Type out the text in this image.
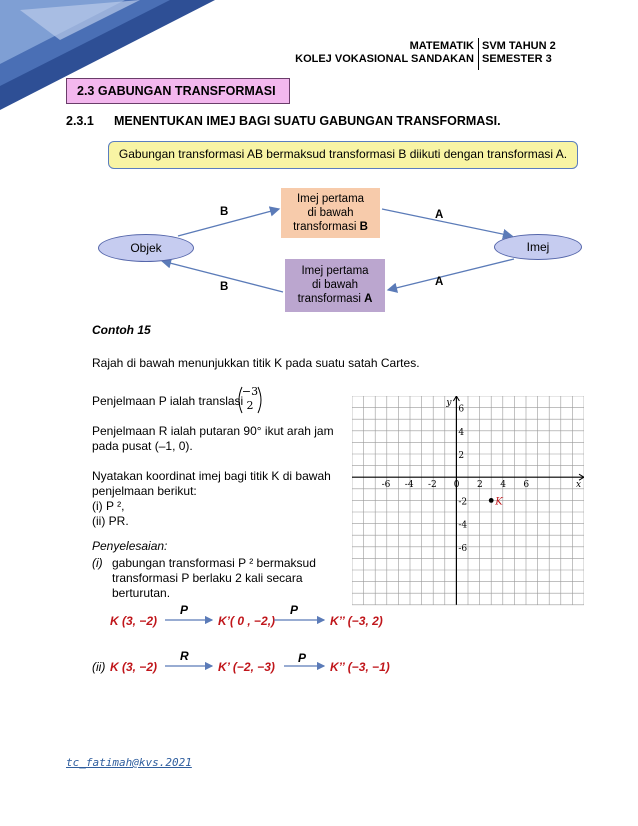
MATEMATIK
KOLEJ VOKASIONAL SANDAKAN
SVM TAHUN 2
SEMESTER 3
2.3 GABUNGAN TRANSFORMASI
2.3.1 MENENTUKAN IMEJ BAGI SUATU GABUNGAN TRANSFORMASI.
Gabungan transformasi AB bermaksud transformasi B diikuti dengan transformasi A.
Objek	Imej
Imej pertama
di bawah
transformasi B
Imej pertama
di bawah
transformasi A
B	A
B	A
Contoh 15
Rajah di bawah menunjukkan titik K pada suatu satah Cartes.
Penjelmaan P ialah translasi
−3
2
Penjelmaan R ialah putaran 90° ikut arah jam
pada pusat (–1, 0).
Nyatakan koordinat imej bagi titik K di bawah
penjelmaan berikut:
(i) P ²,
(ii) PR.
Penyelesaian:
(i) gabungan transformasi P ² bermaksud
transformasi P berlaku 2 kali secara
berturutan.
K (3, −2)	K’( 0 , −2,)	K’’ (−3, 2)
P	P
(ii) K (3, −2)	K’ (−2, −3)	K’’ (−3, −1)
R	P
-6 -4 -2 0 2 4 6
6
4
2
-2
-4
-6
x
y
K
tc_fatimah@kvs.2021
